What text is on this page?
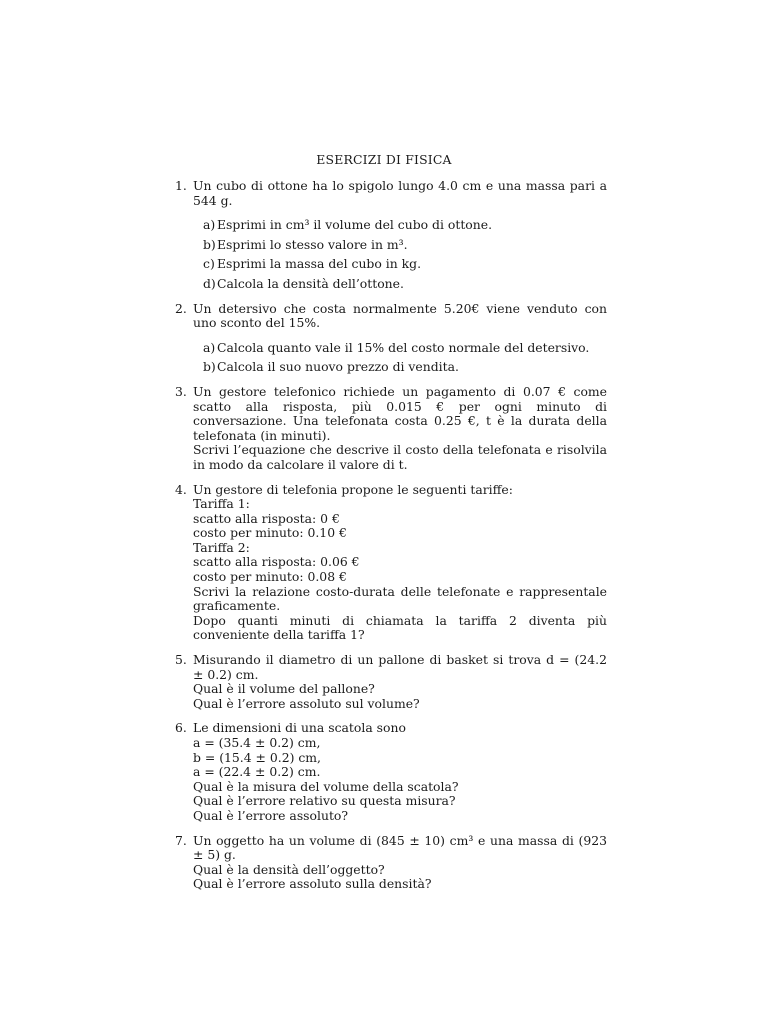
ESERCIZI DI FISICA
1. Un cubo di ottone ha lo spigolo lungo 4.0 cm e una massa pari a 544 g.
a) Esprimi in cm³ il volume del cubo di ottone.
b) Esprimi lo stesso valore in m³.
c) Esprimi la massa del cubo in kg.
d) Calcola la densità dell’ottone.
2. Un detersivo che costa normalmente 5.20€ viene venduto con uno sconto del 15%.
a) Calcola quanto vale il 15% del costo normale del detersivo.
b) Calcola il suo nuovo prezzo di vendita.
3. Un gestore telefonico richiede un pagamento di 0.07 € come scatto alla risposta, più 0.015 € per ogni minuto di conversazione. Una telefonata costa 0.25 €, t è la durata della telefonata (in minuti).
Scrivi l’equazione che descrive il costo della telefonata e risolvila in modo da calcolare il valore di t.
4. Un gestore di telefonia propone le seguenti tariffe:
Tariffa 1:
scatto alla risposta: 0 €
costo per minuto: 0.10 €
Tariffa 2:
scatto alla risposta: 0.06 €
costo per minuto: 0.08 €
Scrivi la relazione costo-durata delle telefonate e rappresentale graficamente.
Dopo quanti minuti di chiamata la tariffa 2 diventa più conveniente della tariffa 1?
5. Misurando il diametro di un pallone di basket si trova d = (24.2 ± 0.2) cm.
Qual è il volume del pallone?
Qual è l’errore assoluto sul volume?
6. Le dimensioni di una scatola sono
a = (35.4 ± 0.2) cm,
b = (15.4 ± 0.2) cm,
a = (22.4 ± 0.2) cm.
Qual è la misura del volume della scatola?
Qual è l’errore relativo su questa misura?
Qual è l’errore assoluto?
7. Un oggetto ha un volume di (845 ± 10) cm³ e una massa di (923 ± 5) g.
Qual è la densità dell’oggetto?
Qual è l’errore assoluto sulla densità?
